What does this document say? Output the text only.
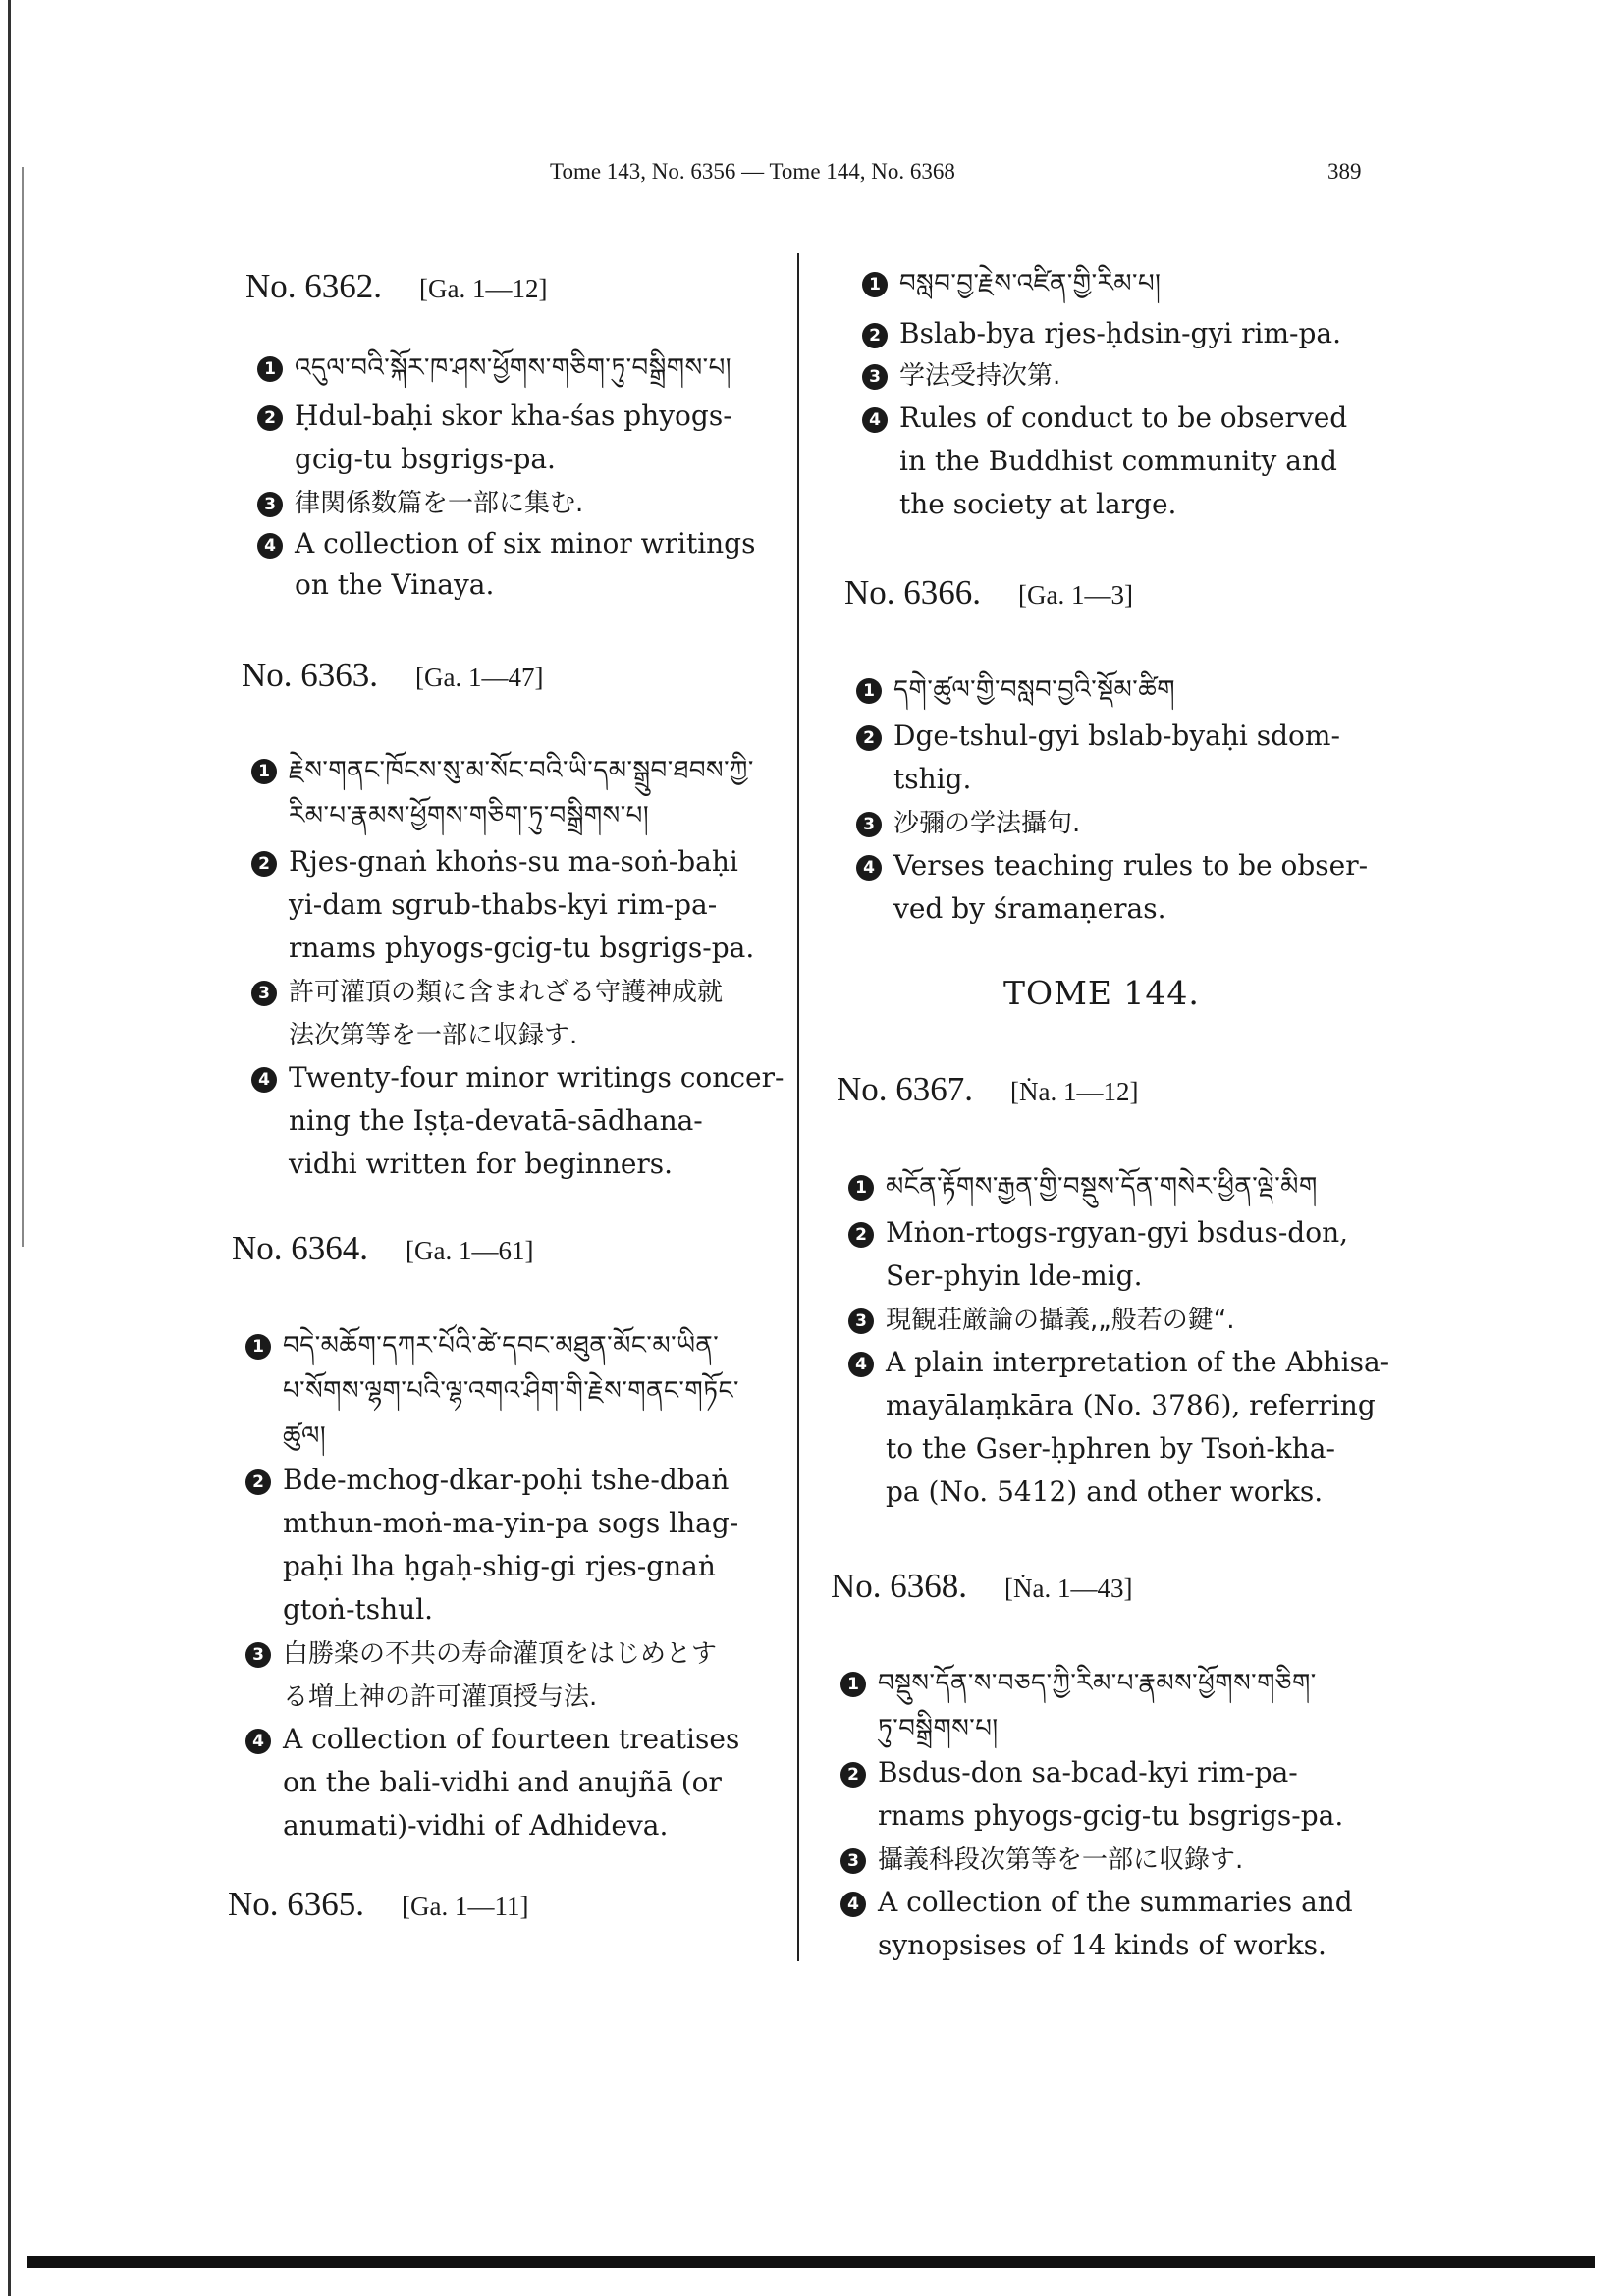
Tome 143, No. 6356 — Tome 144, No. 6368	389
No. 6362. [Ga. 1—12]
1 འདུལ་བའི་སྐོར་ཁ་ཤས་ཕྱོགས་གཅིག་ཏུ་བསྒྲིགས་པ།
2 Ḥdul-baḥi skor kha-śas phyogs-
gcig-tu bsgrigs-pa.
3 律関係数篇を一部に集む.
4 A collection of six minor writings
on the Vinaya.
No. 6363. [Ga. 1—47]
1 རྗེས་གནང་ཁོངས་སུ་མ་སོང་བའི་ཡི་དམ་སྒྲུབ་ཐབས་ཀྱི་
རིམ་པ་རྣམས་ཕྱོགས་གཅིག་ཏུ་བསྒྲིགས་པ།
2 Rjes-gnaṅ khoṅs-su ma-soṅ-baḥi
yi-dam sgrub-thabs-kyi rim-pa-
rnams phyogs-gcig-tu bsgrigs-pa.
3 許可灌頂の類に含まれざる守護神成就
法次第等を一部に収録す.
4 Twenty-four minor writings concer-
ning the Iṣṭa-devatā-sādhana-
vidhi written for beginners.
No. 6364. [Ga. 1—61]
1 བདེ་མཆོག་དཀར་པོའི་ཚེ་དབང་མཐུན་མོང་མ་ཡིན་
པ་སོགས་ལྷག་པའི་ལྷ་འགའ་ཤིག་གི་རྗེས་གནང་གཏོང་
ཚུལ།
2 Bde-mchog-dkar-poḥi tshe-dbaṅ
mthun-moṅ-ma-yin-pa sogs lhag-
paḥi lha ḥgaḥ-shig-gi rjes-gnaṅ
gtoṅ-tshul.
3 白勝楽の不共の寿命灌頂をはじめとす
る増上神の許可灌頂授与法.
4 A collection of fourteen treatises
on the bali-vidhi and anujñā (or
anumati)-vidhi of Adhideva.
No. 6365. [Ga. 1—11]
1 བསླབ་བྱ་རྗེས་འཛིན་གྱི་རིམ་པ།
2 Bslab-bya rjes-ḥdsin-gyi rim-pa.
3 学法受持次第.
4 Rules of conduct to be observed
in the Buddhist community and
the society at large.
No. 6366. [Ga. 1—3]
1 དགེ་ཚུལ་གྱི་བསླབ་བྱའི་སྡོམ་ཚིག
2 Dge-tshul-gyi bslab-byaḥi sdom-
tshig.
3 沙彌の学法攝句.
4 Verses teaching rules to be obser-
ved by śramaṇeras.
TOME 144.
No. 6367. [Ṅa. 1—12]
1 མངོན་རྟོགས་རྒྱན་གྱི་བསྡུས་དོན་གསེར་ཕྱིན་ལྡེ་མིག
2 Mṅon-rtogs-rgyan-gyi bsdus-don,
Ser-phyin lde-mig.
3 現観荘厳論の攝義,„般若の鍵“.
4 A plain interpretation of the Abhisa-
mayālaṃkāra (No. 3786), referring
to the Gser-ḥphren by Tsoṅ-kha-
pa (No. 5412) and other works.
No. 6368. [Ṅa. 1—43]
1 བསྡུས་དོན་ས་བཅད་ཀྱི་རིམ་པ་རྣམས་ཕྱོགས་གཅིག་
ཏུ་བསྒྲིགས་པ།
2 Bsdus-don sa-bcad-kyi rim-pa-
rnams phyogs-gcig-tu bsgrigs-pa.
3 攝義科段次第等を一部に収錄す.
4 A collection of the summaries and
synopsises of 14 kinds of works.
